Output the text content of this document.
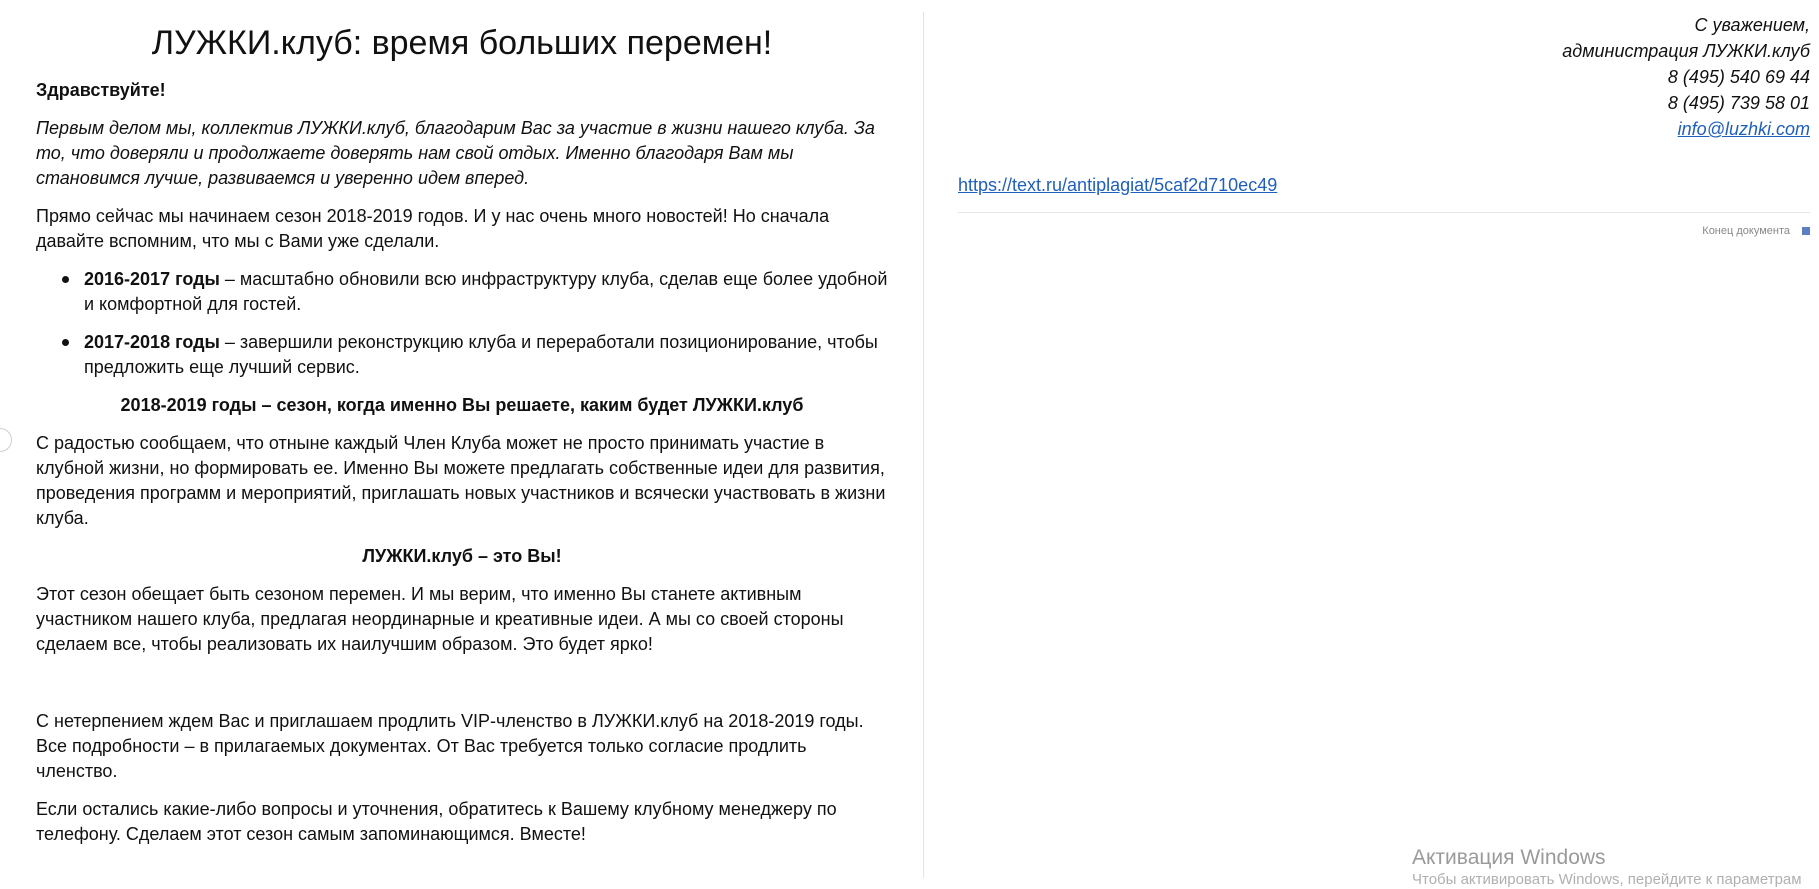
ЛУЖКИ.клуб: время больших перемен!

Здравствуйте!

Первым делом мы, коллектив ЛУЖКИ.клуб, благодарим Вас за участие в жизни нашего клуба. За то, что доверяли и продолжаете доверять нам свой отдых. Именно благодаря Вам мы становимся лучше, развиваемся и уверенно идем вперед.

Прямо сейчас мы начинаем сезон 2018-2019 годов. И у нас очень много новостей! Но сначала давайте вспомним, что мы с Вами уже сделали.

2016-2017 годы – масштабно обновили всю инфраструктуру клуба, сделав еще более удобной и комфортной для гостей.
2017-2018 годы – завершили реконструкцию клуба и переработали позиционирование, чтобы предложить еще лучший сервис.

2018-2019 годы – сезон, когда именно Вы решаете, каким будет ЛУЖКИ.клуб

С радостью сообщаем, что отныне каждый Член Клуба может не просто принимать участие в клубной жизни, но формировать ее. Именно Вы можете предлагать собственные идеи для развития, проведения программ и мероприятий, приглашать новых участников и всячески участвовать в жизни клуба.

ЛУЖКИ.клуб – это Вы!

Этот сезон обещает быть сезоном перемен. И мы верим, что именно Вы станете активным участником нашего клуба, предлагая неординарные и креативные идеи. А мы со своей стороны сделаем все, чтобы реализовать их наилучшим образом. Это будет ярко!

С нетерпением ждем Вас и приглашаем продлить VIP-членство в ЛУЖКИ.клуб на 2018-2019 годы. Все подробности – в прилагаемых документах. От Вас требуется только согласие продлить членство.

Если остались какие-либо вопросы и уточнения, обратитесь к Вашему клубному менеджеру по телефону. Сделаем этот сезон самым запоминающимся. Вместе!

С уважением,
администрация ЛУЖКИ.клуб
8 (495) 540 69 44
8 (495) 739 58 01
info@luzhki.com
https://text.ru/antiplagiat/5caf2d710ec49
Конец документа
Активация Windows
Чтобы активировать Windows, перейдите к параметрам
